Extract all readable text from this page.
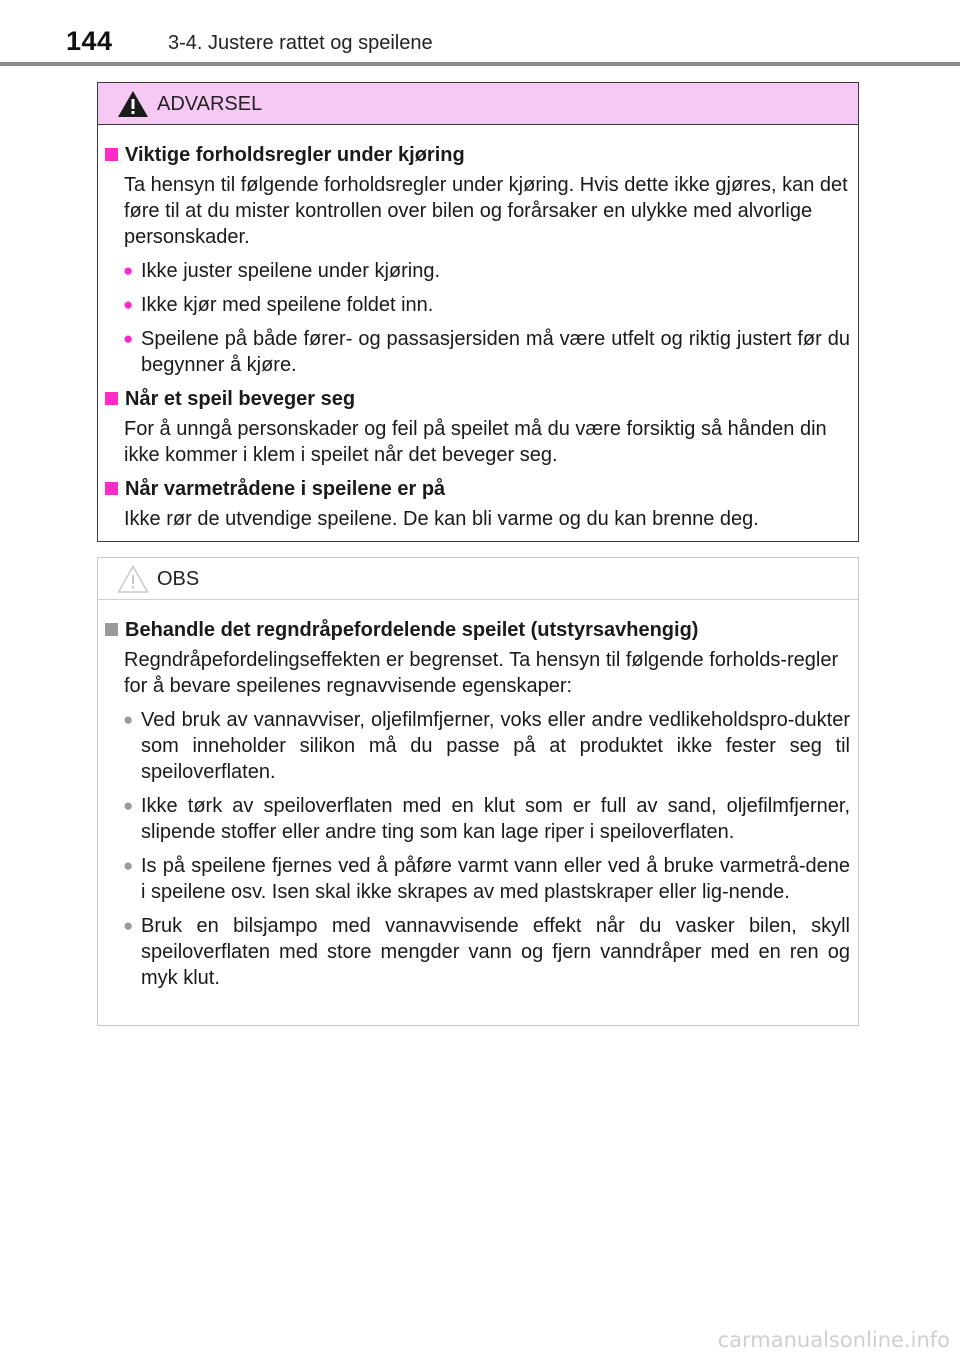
144	3-4. Justere rattet og speilene
ADVARSEL
Viktige forholdsregler under kjøring
Ta hensyn til følgende forholdsregler under kjøring. Hvis dette ikke gjøres, kan det føre til at du mister kontrollen over bilen og forårsaker en ulykke med alvorlige personskader.
● Ikke juster speilene under kjøring.
● Ikke kjør med speilene foldet inn.
● Speilene på både fører- og passasjersiden må være utfelt og riktig justert før du begynner å kjøre.
Når et speil beveger seg
For å unngå personskader og feil på speilet må du være forsiktig så hånden din ikke kommer i klem i speilet når det beveger seg.
Når varmetrådene i speilene er på
Ikke rør de utvendige speilene. De kan bli varme og du kan brenne deg.
OBS
Behandle det regndråpefordelende speilet (utstyrsavhengig)
Regndråpefordelingseffekten er begrenset. Ta hensyn til følgende forholds-regler for å bevare speilenes regnavvisende egenskaper:
● Ved bruk av vannavviser, oljefilmfjerner, voks eller andre vedlikeholdspro-dukter som inneholder silikon må du passe på at produktet ikke fester seg til speiloverflaten.
● Ikke tørk av speiloverflaten med en klut som er full av sand, oljefilmfjerner, slipende stoffer eller andre ting som kan lage riper i speiloverflaten.
● Is på speilene fjernes ved å påføre varmt vann eller ved å bruke varmetrå-dene i speilene osv. Isen skal ikke skrapes av med plastskraper eller lig-nende.
● Bruk en bilsjampo med vannavvisende effekt når du vasker bilen, skyll speiloverflaten med store mengder vann og fjern vanndråper med en ren og myk klut.
carmanualsonline.info
